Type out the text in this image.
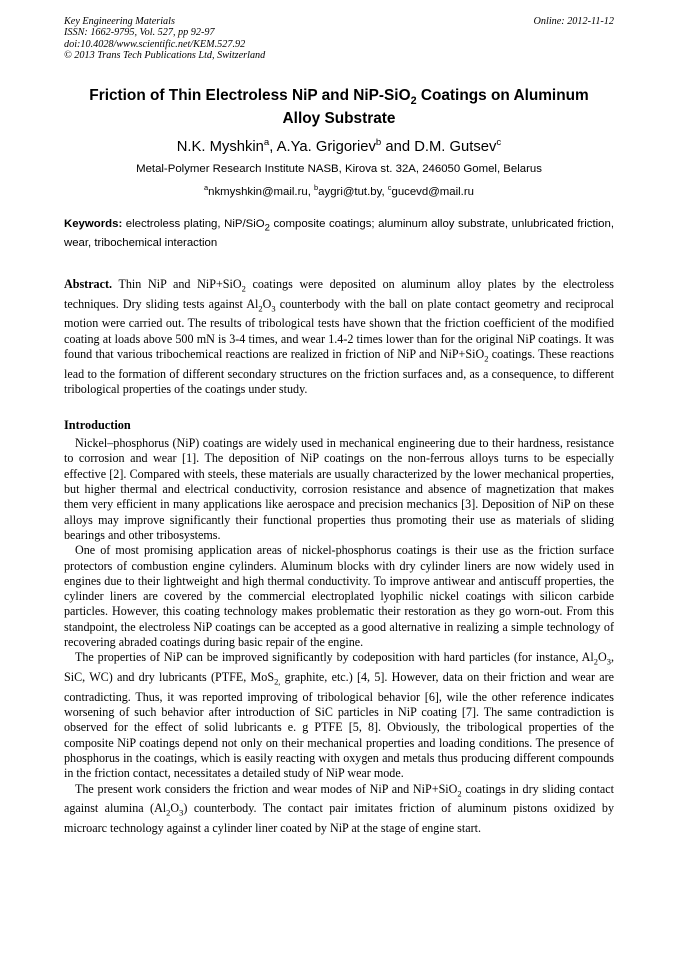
Key Engineering Materials
ISSN: 1662-9795, Vol. 527, pp 92-97
doi:10.4028/www.scientific.net/KEM.527.92
© 2013 Trans Tech Publications Ltd, Switzerland
Online: 2012-11-12
Friction of Thin Electroless NiP and NiP-SiO$_2$ Coatings on Aluminum Alloy Substrate
N.K. Myshkin$^a$, A.Ya. Grigoriev$^b$ and D.M. Gutsev$^c$
Metal-Polymer Research Institute NASB, Kirova st. 32A, 246050 Gomel, Belarus
$^a$nkmyshkin@mail.ru, $^b$aygri@tut.by, $^c$gucevd@mail.ru
Keywords: electroless plating, NiP/SiO$_2$ composite coatings; aluminum alloy substrate, unlubricated friction, wear, tribochemical interaction
Abstract. Thin NiP and NiP+SiO$_2$ coatings were deposited on aluminum alloy plates by the electroless techniques. Dry sliding tests against $Al_2O_3$ counterbody with the ball on plate contact geometry and reciprocal motion were carried out. The results of tribological tests have shown that the friction coefficient of the modified coating at loads above 500 mN is 3-4 times, and wear 1.4-2 times lower than for the original NiP coatings. It was found that various tribochemical reactions are realized in friction of NiP and NiP+SiO$_2$ coatings. These reactions lead to the formation of different secondary structures on the friction surfaces and, as a consequence, to different tribological properties of the coatings under study.
Introduction

Nickel–phosphorus (NiP) coatings are widely used in mechanical engineering due to their hardness, resistance to corrosion and wear [1]. The deposition of NiP coatings on the non-ferrous alloys turns to be especially effective [2]. Compared with steels, these materials are usually characterized by the lower mechanical properties, but higher thermal and electrical conductivity, corrosion resistance and absence of magnetization that makes them very efficient in many applications like aerospace and precision mechanics [3]. Deposition of NiP on these alloys may improve significantly their functional properties thus promoting their use as materials of sliding bearings and other tribosystems.

One of most promising application areas of nickel-phosphorus coatings is their use as the friction surface protectors of combustion engine cylinders. Aluminum blocks with dry cylinder liners are now widely used in engines due to their lightweight and high thermal conductivity. To improve antiwear and antiscuff properties, the cylinder liners are covered by the commercial electroplated lyophilic nickel coatings with silicon carbide particles. However, this coating technology makes problematic their restoration as they go worn-out. From this standpoint, the electroless NiP coatings can be accepted as a good alternative in realizing a simple technology of recovering abraded coatings during basic repair of the engine.

The properties of NiP can be improved significantly by codeposition with hard particles (for instance, $Al_2O_3$, SiC, WC) and dry lubricants (PTFE, MoS$_{2,}$ graphite, etc.) [4, 5]. However, data on their friction and wear are contradicting. Thus, it was reported improving of tribological behavior [6], wile the other reference indicates worsening of such behavior after introduction of SiC particles in NiP coating [7]. The same contradiction is observed for the effect of solid lubricants e. g PTFE [5, 8]. Obviously, the tribological properties of the composite NiP coatings depend not only on their mechanical properties and loading conditions. The presence of phosphorus in the coatings, which is easily reacting with oxygen and metals thus producing different compounds in the friction contact, necessitates a detailed study of NiP wear mode.

The present work considers the friction and wear modes of NiP and NiP+SiO$_2$ coatings in dry sliding contact against alumina $(Al_2O_3)$ counterbody. The contact pair imitates friction of aluminum pistons oxidized by microarc technology against a cylinder liner coated by NiP at the stage of engine start.
